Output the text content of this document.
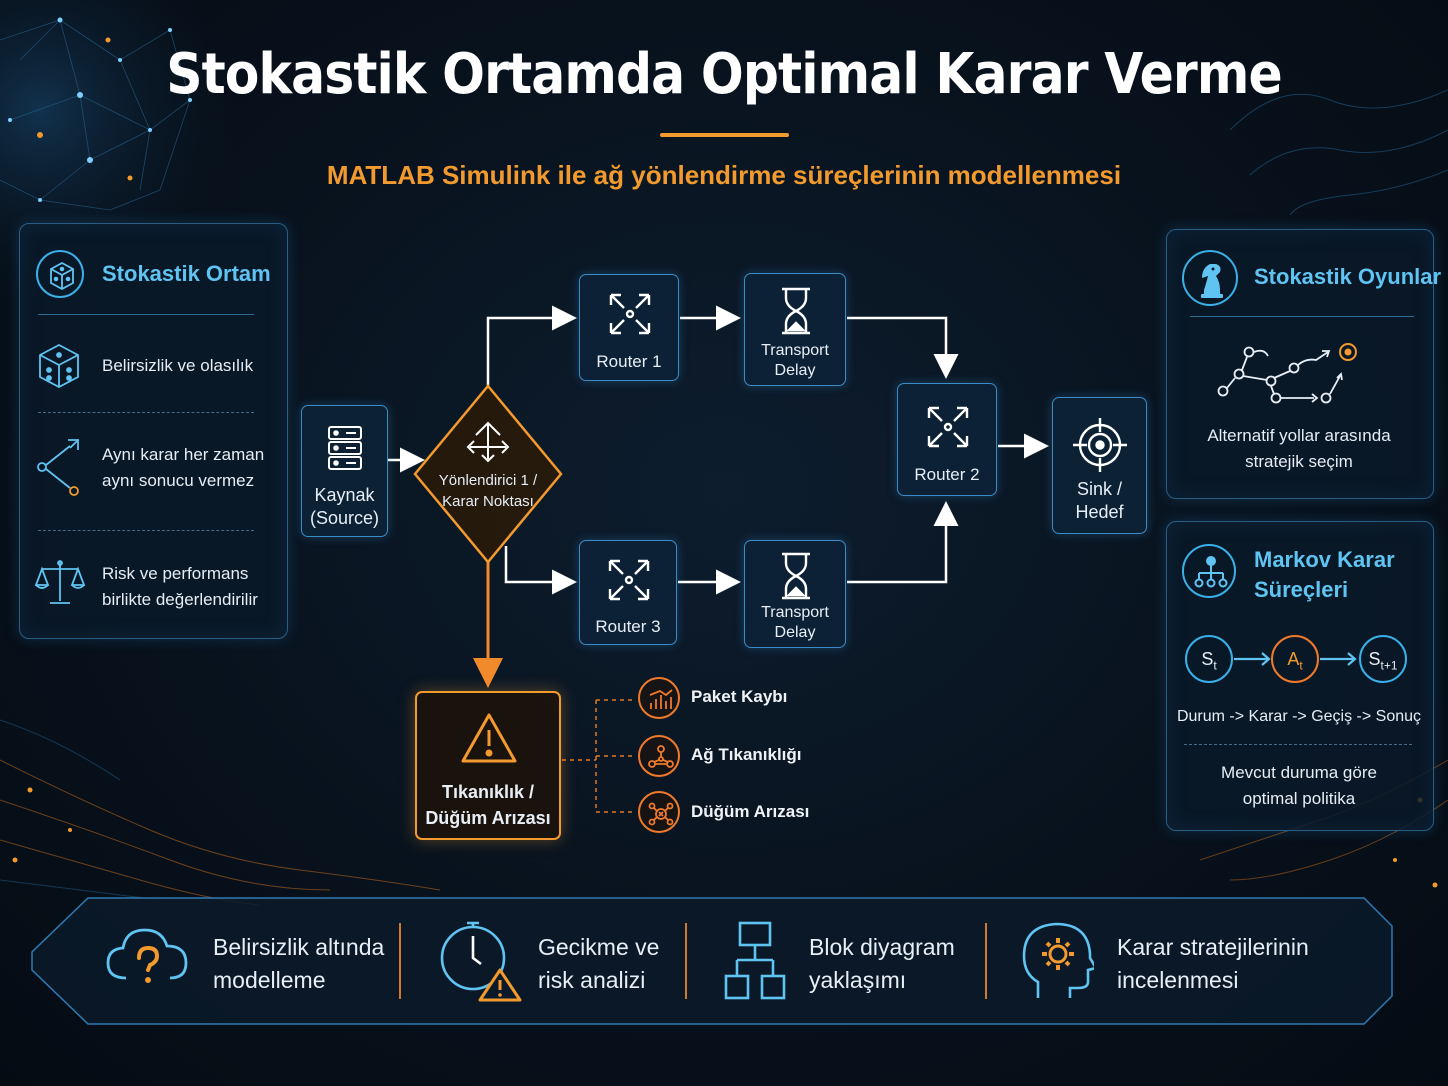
Stokastik Ortamda Optimal Karar Verme
MATLAB Simulink ile ağ yönlendirme süreçlerinin modellenmesi
Stokastik Ortam
Belirsizlik ve olasılık
Aynı karar her zaman
aynı sonucu vermez
Risk ve performans
birlikte değerlendirilir
Kaynak
(Source)
Yönlendirici 1 /
Karar Noktası
Router 1
Router 3
Transport
Delay
Transport
Delay
Router 2
Sink /
Hedef
Tıkanıklık /
Düğüm Arızası
Paket Kaybı
Ağ Tıkanıklığı
Düğüm Arızası
Stokastik Oyunlar
Alternatif yollar arasında
stratejik seçim
Markov Karar
Süreçleri
$S_t$	$A_t$	$S_{t+1}$
Durum -> Karar -> Geçiş -> Sonuç
Mevcut duruma göre
optimal politika
Belirsizlik altında
modelleme
Gecikme ve
risk analizi
Blok diyagram
yaklaşımı
Karar stratejilerinin
incelenmesi
